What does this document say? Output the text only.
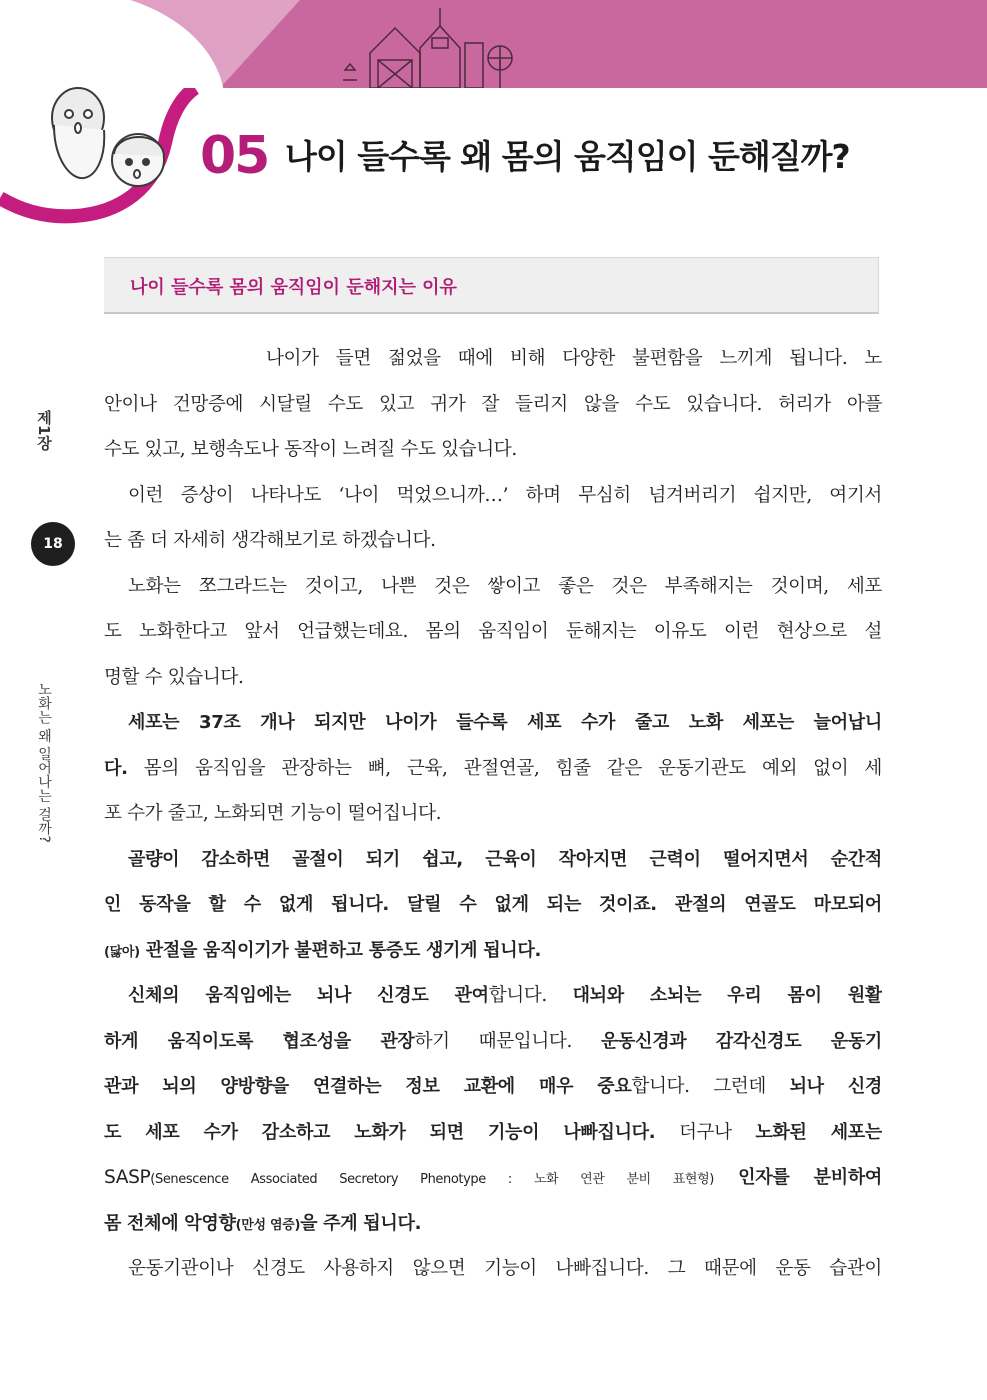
05 나이 들수록 왜 몸의 움직임이 둔해질까?
나이 들수록 몸의 움직임이 둔해지는 이유
제1장
18
노화는 왜 일어나는 걸까?
나이가 들면 젊었을 때에 비해 다양한 불편함을 느끼게 됩니다. 노
안이나 건망증에 시달릴 수도 있고 귀가 잘 들리지 않을 수도 있습니다. 허리가 아플
수도 있고, 보행속도나 동작이 느려질 수도 있습니다.
이런 증상이 나타나도 ‘나이 먹었으니까…’ 하며 무심히 넘겨버리기 쉽지만, 여기서
는 좀 더 자세히 생각해보기로 하겠습니다.
노화는 쪼그라드는 것이고, 나쁜 것은 쌓이고 좋은 것은 부족해지는 것이며, 세포
도 노화한다고 앞서 언급했는데요. 몸의 움직임이 둔해지는 이유도 이런 현상으로 설
명할 수 있습니다.
세포는 37조 개나 되지만 나이가 들수록 세포 수가 줄고 노화 세포는 늘어납니
다. 몸의 움직임을 관장하는 뼈, 근육, 관절연골, 힘줄 같은 운동기관도 예외 없이 세
포 수가 줄고, 노화되면 기능이 떨어집니다.
골량이 감소하면 골절이 되기 쉽고, 근육이 작아지면 근력이 떨어지면서 순간적
인 동작을 할 수 없게 됩니다. 달릴 수 없게 되는 것이죠. 관절의 연골도 마모되어
(닳아) 관절을 움직이기가 불편하고 통증도 생기게 됩니다.
신체의 움직임에는 뇌나 신경도 관여합니다. 대뇌와 소뇌는 우리 몸이 원활
하게 움직이도록 협조성을 관장하기 때문입니다. 운동신경과 감각신경도 운동기
관과 뇌의 양방향을 연결하는 정보 교환에 매우 중요합니다. 그런데 뇌나 신경
도 세포 수가 감소하고 노화가 되면 기능이 나빠집니다. 더구나 노화된 세포는
SASP(Senescence Associated Secretory Phenotype : 노화 연관 분비 표현형) 인자를 분비하여
몸 전체에 악영향(만성 염증)을 주게 됩니다.
운동기관이나 신경도 사용하지 않으면 기능이 나빠집니다. 그 때문에 운동 습관이
